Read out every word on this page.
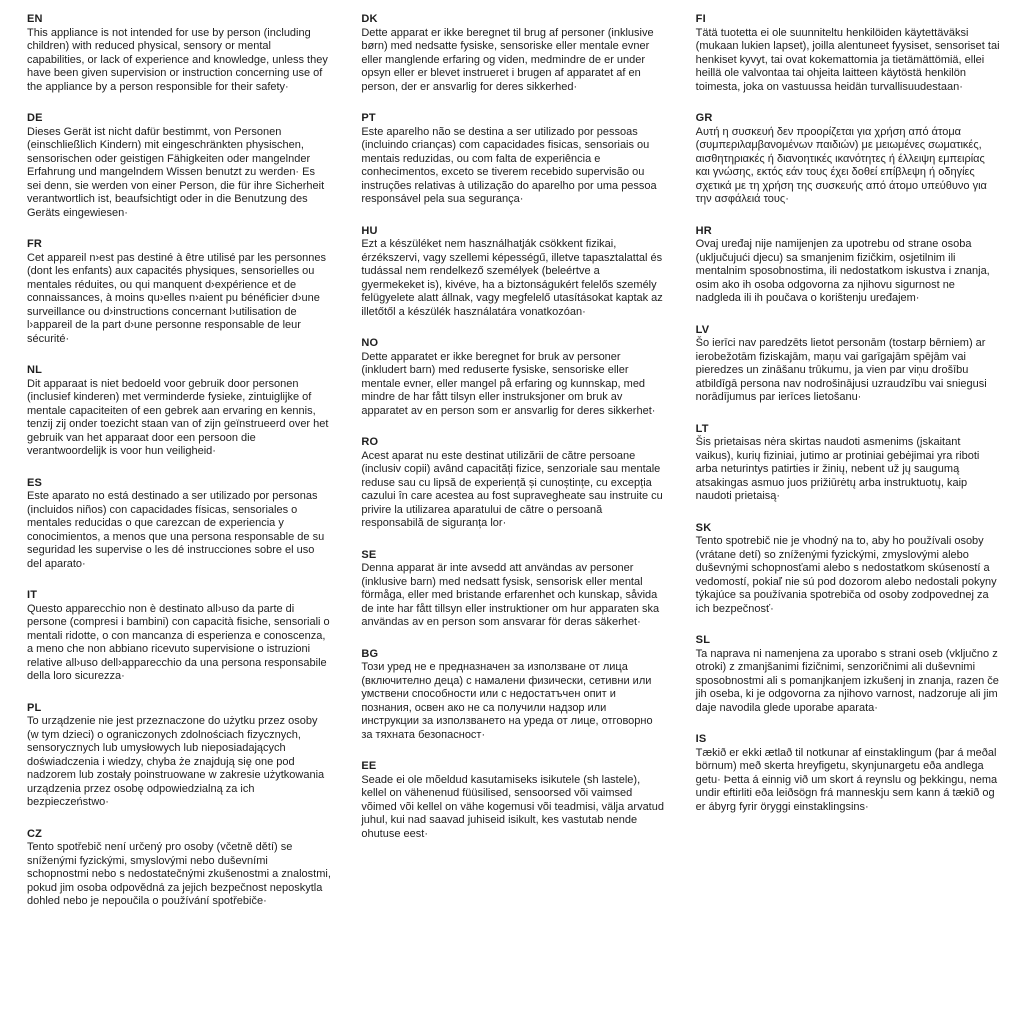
EN

This appliance is not intended for use by person (including children) with reduced physical, sensory or mental capabilities, or lack of experience and knowledge, unless they have been given supervision or instruction concerning use of the appliance by a person responsible for their safety·

DE

Dieses Gerät ist nicht dafür bestimmt, von Personen (einschließlich Kindern) mit eingeschränkten physischen, sensorischen oder geistigen Fähigkeiten oder mangelnder Erfahrung und mangelndem Wissen benutzt zu werden· Es sei denn, sie werden von einer Person, die für ihre Sicherheit verantwortlich ist, beaufsichtigt oder in die Benutzung des Geräts eingewiesen·

FR

Cet appareil n›est pas destiné à être utilisé par les personnes (dont les enfants) aux capacités physiques, sensorielles ou mentales réduites, ou qui manquent d›expérience et de connaissances, à moins qu›elles n›aient pu bénéficier d›une surveillance ou d›instructions concernant l›utilisation de l›appareil de la part d›une personne responsable de leur sécurité·

NL

Dit apparaat is niet bedoeld voor gebruik door personen (inclusief kinderen) met verminderde fysieke, zintuiglijke of mentale capaciteiten of een gebrek aan ervaring en kennis, tenzij zij onder toezicht staan van of zijn geïnstrueerd over het gebruik van het apparaat door een persoon die verantwoordelijk is voor hun veiligheid·

ES

Este aparato no está destinado a ser utilizado por personas (incluidos niños) con capacidades físicas, sensoriales o mentales reducidas o que carezcan de experiencia y conocimientos, a menos que una persona responsable de su seguridad les supervise o les dé instrucciones sobre el uso del aparato·

IT

Questo apparecchio non è destinato all›uso da parte di persone (compresi i bambini) con capacità fisiche, sensoriali o mentali ridotte, o con mancanza di esperienza e conoscenza, a meno che non abbiano ricevuto supervisione o istruzioni relative all›uso dell›apparecchio da una persona responsabile della loro sicurezza·

PL

To urządzenie nie jest przeznaczone do użytku przez osoby (w tym dzieci) o ograniczonych zdolnościach fizycznych, sensorycznych lub umysłowych lub nieposiadających doświadczenia i wiedzy, chyba że znajdują się one pod nadzorem lub zostały poinstruowane w zakresie użytkowania urządzenia przez osobę odpowiedzialną za ich bezpieczeństwo·

CZ

Tento spotřebič není určený pro osoby (včetně dětí) se sníženými fyzickými, smyslovými nebo duševními schopnostmi nebo s nedostatečnými zkušenostmi a znalostmi, pokud jim osoba odpovědná za jejich bezpečnost neposkytla dohled nebo je nepoučila o používání spotřebiče·

DK

Dette apparat er ikke beregnet til brug af personer (inklusive børn) med nedsatte fysiske, sensoriske eller mentale evner eller manglende erfaring og viden, medmindre de er under opsyn eller er blevet instrueret i brugen af apparatet af en person, der er ansvarlig for deres sikkerhed·

PT

Este aparelho não se destina a ser utilizado por pessoas (incluindo crianças) com capacidades fisicas, sensoriais ou mentais reduzidas, ou com falta de experiência e conhecimentos, exceto se tiverem recebido supervisão ou instruções relativas à utilização do aparelho por uma pessoa responsável pela sua segurança·

HU

Ezt a készüléket nem használhatják csökkent fizikai, érzékszervi, vagy szellemi képességű, illetve tapasztalattal és tudással nem rendelkező személyek (beleértve a gyermekeket is), kivéve, ha a biztonságukért felelős személy felügyelete alatt állnak, vagy megfelelő utasításokat kaptak az illetőtől a készülék használatára vonatkozóan·

NO

Dette apparatet er ikke beregnet for bruk av personer (inkludert barn) med reduserte fysiske, sensoriske eller mentale evner, eller mangel på erfaring og kunnskap, med mindre de har fått tilsyn eller instruksjoner om bruk av apparatet av en person som er ansvarlig for deres sikkerhet·

RO

Acest aparat nu este destinat utilizării de către persoane (inclusiv copii) având capacități fizice, senzoriale sau mentale reduse sau cu lipsă de experiență și cunoștințe, cu excepția cazului în care acestea au fost supravegheate sau instruite cu privire la utilizarea aparatului de către o persoană responsabilă de siguranța lor·

SE

Denna apparat är inte avsedd att användas av personer (inklusive barn) med nedsatt fysisk, sensorisk eller mental förmåga, eller med bristande erfarenhet och kunskap, såvida de inte har fått tillsyn eller instruktioner om hur apparaten ska användas av en person som ansvarar för deras säkerhet·

BG

Този уред не е предназначен за използване от лица (включително деца) с намалени физически, сетивни или умствени способности или с недостатъчен опит и познания, освен ако не са получили надзор или инструкции за използването на уреда от лице, отговорно за тяхната безопасност·

EE

Seade ei ole mõeldud kasutamiseks isikutele (sh lastele), kellel on vähenenud füüsilised, sensoorsed või vaimsed võimed või kellel on vähe kogemusi või teadmisi, välja arvatud juhul, kui nad saavad juhiseid isikult, kes vastutab nende ohutuse eest·

FI

Tätä tuotetta ei ole suunniteltu henkilöiden käytettäväksi (mukaan lukien lapset), joilla alentuneet fyysiset, sensoriset tai henkiset kyvyt, tai ovat kokemattomia ja tietämättömiä, ellei heillä ole valvontaa tai ohjeita laitteen käytöstä henkilön toimesta, joka on vastuussa heidän turvallisuudestaan·

GR

Αυτή η συσκευή δεν προορίζεται για χρήση από άτομα (συμπεριλαμβανομένων παιδιών) με μειωμένες σωματικές, αισθητηριακές ή διανοητικές ικανότητες ή έλλειψη εμπειρίας και γνώσης, εκτός εάν τους έχει δοθεί επίβλεψη ή οδηγίες σχετικά με τη χρήση της συσκευής από άτομο υπεύθυνο για την ασφάλειά τους·

HR

Ovaj uređaj nije namijenjen za upotrebu od strane osoba (uključujući djecu) sa smanjenim fizičkim, osjetilnim ili mentalnim sposobnostima, ili nedostatkom iskustva i znanja, osim ako ih osoba odgovorna za njihovu sigurnost ne nadgleda ili ih poučava o korištenju uređajem·

LV

Šo ierīci nav paredzēts lietot personām (tostarp bērniem) ar ierobežotām fiziskajām, maņu vai garīgajām spējām vai pieredzes un zināšanu trūkumu, ja vien par viņu drošību atbildīgā persona nav nodrošinājusi uzraudzību vai sniegusi norādījumus par ierīces lietošanu·

LT

Šis prietaisas nėra skirtas naudoti asmenims (įskaitant vaikus), kurių fiziniai, jutimo ar protiniai gebėjimai yra riboti arba neturintys patirties ir žinių, nebent už jų saugumą atsakingas asmuo juos prižiūrėtų arba instruktuotų, kaip naudoti prietaisą·

SK

Tento spotrebič nie je vhodný na to, aby ho používali osoby (vrátane detí) so zníženými fyzickými, zmyslovými alebo duševnými schopnosťami alebo s nedostatkom skúseností a vedomostí, pokiaľ nie sú pod dozorom alebo nedostali pokyny týkajúce sa používania spotrebiča od osoby zodpovednej za ich bezpečnosť·

SL

Ta naprava ni namenjena za uporabo s strani oseb (vključno z otroki) z zmanjšanimi fizičnimi, senzoričnimi ali duševnimi sposobnostmi ali s pomanjkanjem izkušenj in znanja, razen če jih oseba, ki je odgovorna za njihovo varnost, nadzoruje ali jim daje navodila glede uporabe aparata·

IS

Tækið er ekki ætlað til notkunar af einstaklingum (þar á meðal börnum) með skerta hreyfigetu, skynjunargetu eða andlega getu· Þetta á einnig við um skort á reynslu og þekkingu, nema undir eftirliti eða leiðsögn frá manneskju sem kann á tækið og er ábyrg fyrir öryggi einstaklingsins·
